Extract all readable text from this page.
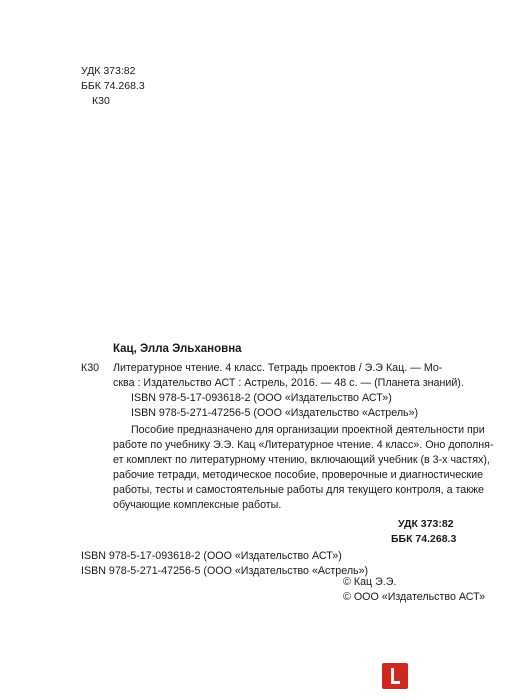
УДК 373:82
ББК 74.268.3
К30
Кац, Элла Эльхановна
К30 Литературное чтение. 4 класс. Тетрадь проектов / Э.Э Кац. — Мо-
сква : Издательство АСТ : Астрель, 2016. — 48 с. — (Планета знаний).
ISBN 978-5-17-093618-2 (ООО «Издательство АСТ»)
ISBN 978-5-271-47256-5 (ООО «Издательство «Астрель»)
Пособие предназначено для организации проектной деятельности при
работе по учебнику Э.Э. Кац «Литературное чтение. 4 класс». Оно дополня-
ет комплект по литературному чтению, включающий учебник (в 3-х частях),
рабочие тетради, методическое пособие, проверочные и диагностические
работы, тесты и самостоятельные работы для текущего контроля, а также
обучающие комплексные работы.
УДК 373:82
ББК 74.268.3
ISBN 978-5-17-093618-2 (ООО «Издательство АСТ»)
ISBN 978-5-271-47256-5 (ООО «Издательство «Астрель»)
© Кац Э.Э.
© ООО «Издательство АСТ»
